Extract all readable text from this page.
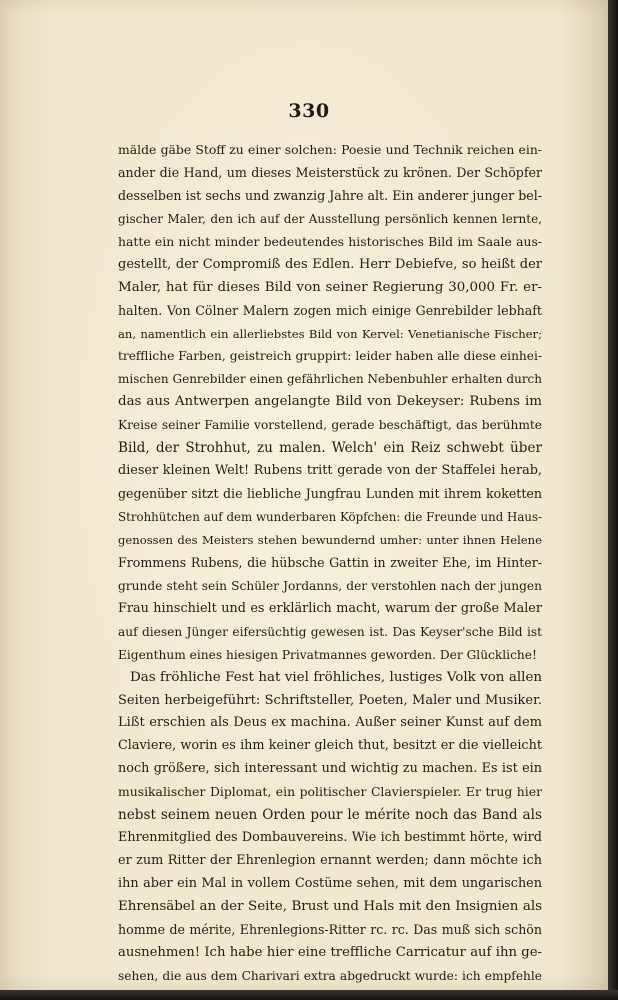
330
mälde gäbe Stoff zu einer solchen: Poesie und Technik reichen ein-
ander die Hand, um dieses Meisterstück zu krönen. Der Schöpfer
desselben ist sechs und zwanzig Jahre alt. Ein anderer junger bel-
gischer Maler, den ich auf der Ausstellung persönlich kennen lernte,
hatte ein nicht minder bedeutendes historisches Bild im Saale aus-
gestellt, der Compromiß des Edlen. Herr Debiefve, so heißt der
Maler, hat für dieses Bild von seiner Regierung 30,000 Fr. er-
halten. Von Cölner Malern zogen mich einige Genrebilder lebhaft
an, namentlich ein allerliebstes Bild von Kervel: Venetianische Fischer;
treffliche Farben, geistreich gruppirt: leider haben alle diese einhei-
mischen Genrebilder einen gefährlichen Nebenbuhler erhalten durch
das aus Antwerpen angelangte Bild von Dekeyser: Rubens im
Kreise seiner Familie vorstellend, gerade beschäftigt, das berühmte
Bild, der Strohhut, zu malen. Welch' ein Reiz schwebt über
dieser kleinen Welt! Rubens tritt gerade von der Staffelei herab,
gegenüber sitzt die liebliche Jungfrau Lunden mit ihrem koketten
Strohhütchen auf dem wunderbaren Köpfchen: die Freunde und Haus-
genossen des Meisters stehen bewundernd umher: unter ihnen Helene
Frommens Rubens, die hübsche Gattin in zweiter Ehe, im Hinter-
grunde steht sein Schüler Jordanns, der verstohlen nach der jungen
Frau hinschielt und es erklärlich macht, warum der große Maler
auf diesen Jünger eifersüchtig gewesen ist. Das Keyser'sche Bild ist
Eigenthum eines hiesigen Privatmannes geworden. Der Glückliche!
Das fröhliche Fest hat viel fröhliches, lustiges Volk von allen
Seiten herbeigeführt: Schriftsteller, Poeten, Maler und Musiker.
Lißt erschien als Deus ex machina. Außer seiner Kunst auf dem
Claviere, worin es ihm keiner gleich thut, besitzt er die vielleicht
noch größere, sich interessant und wichtig zu machen. Es ist ein
musikalischer Diplomat, ein politischer Clavierspieler. Er trug hier
nebst seinem neuen Orden pour le mérite noch das Band als
Ehrenmitglied des Dombauvereins. Wie ich bestimmt hörte, wird
er zum Ritter der Ehrenlegion ernannt werden; dann möchte ich
ihn aber ein Mal in vollem Costüme sehen, mit dem ungarischen
Ehrensäbel an der Seite, Brust und Hals mit den Insignien als
homme de mérite, Ehrenlegions-Ritter rc. rc. Das muß sich schön
ausnehmen! Ich habe hier eine treffliche Carricatur auf ihn ge-
sehen, die aus dem Charivari extra abgedruckt wurde: ich empfehle
